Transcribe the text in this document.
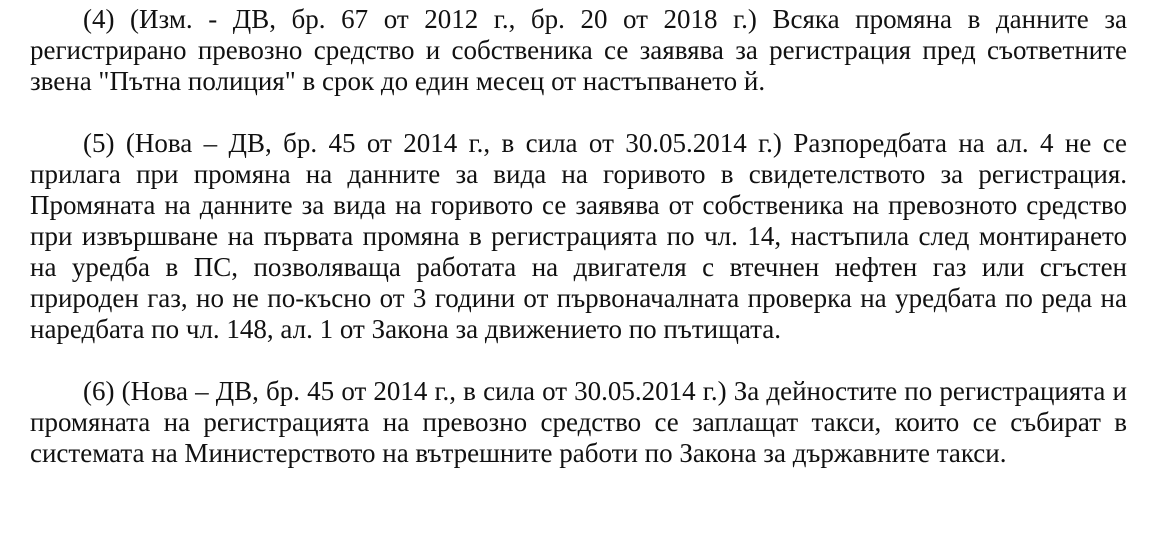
(4) (Изм. - ДВ, бр. 67 от 2012 г., бр. 20 от 2018 г.) Всяка промяна в данните за регистрирано превозно средство и собственика се заявява за регистрация пред съответните звена "Пътна полиция" в срок до един месец от настъпването й.

(5) (Нова – ДВ, бр. 45 от 2014 г., в сила от 30.05.2014 г.) Разпоредбата на ал. 4 не се прилага при промяна на данните за вида на горивото в свидетелството за регистрация. Промяната на данните за вида на горивото се заявява от собственика на превозното средство при извършване на първата промяна в регистрацията по чл. 14, настъпила след монтирането на уредба в ПС, позволяваща работата на двигателя с втечнен нефтен газ или сгъстен природен газ, но не по-късно от 3 години от първоначалната проверка на уредбата по реда на наредбата по чл. 148, ал. 1 от Закона за движението по пътищата.

(6) (Нова – ДВ, бр. 45 от 2014 г., в сила от 30.05.2014 г.) За дейностите по регистрацията и промяната на регистрацията на превозно средство се заплащат такси, които се събират в системата на Министерството на вътрешните работи по Закона за държавните такси.
